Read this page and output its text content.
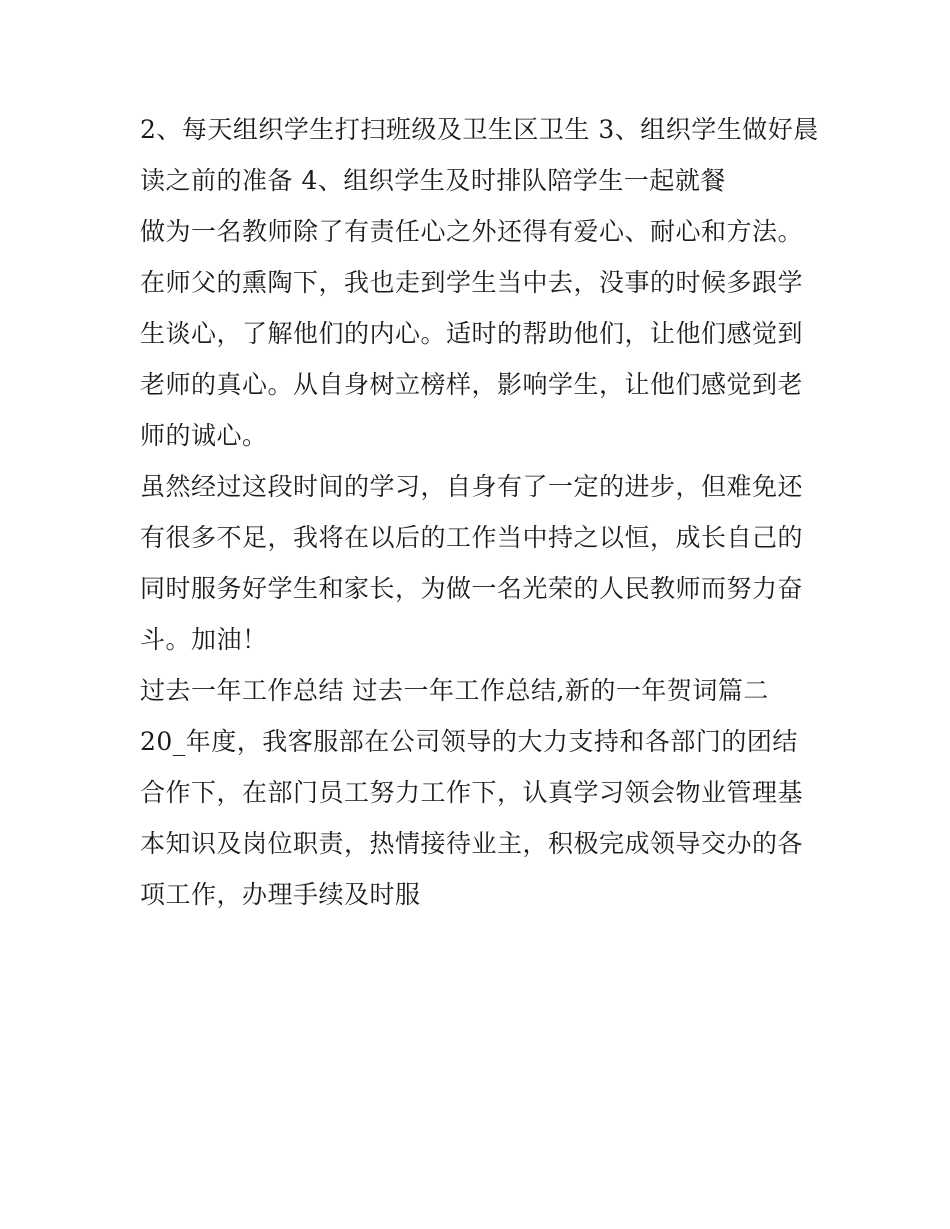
2、每天组织学生打扫班级及卫生区卫生 3、组织学生做好晨读之前的准备 4、组织学生及时排队陪学生一起就餐

做为一名教师除了有责任心之外还得有爱心、耐心和方法。在师父的熏陶下，我也走到学生当中去，没事的时候多跟学生谈心，了解他们的内心。适时的帮助他们，让他们感觉到老师的真心。从自身树立榜样，影响学生，让他们感觉到老师的诚心。

虽然经过这段时间的学习，自身有了一定的进步，但难免还有很多不足，我将在以后的工作当中持之以恒，成长自己的同时服务好学生和家长，为做一名光荣的人民教师而努力奋斗。加油！

过去一年工作总结 过去一年工作总结,新的一年贺词篇二

20_年度，我客服部在公司领导的大力支持和各部门的团结合作下，在部门员工努力工作下，认真学习领会物业管理基本知识及岗位职责，热情接待业主，积极完成领导交办的各项工作，办理手续及时服
